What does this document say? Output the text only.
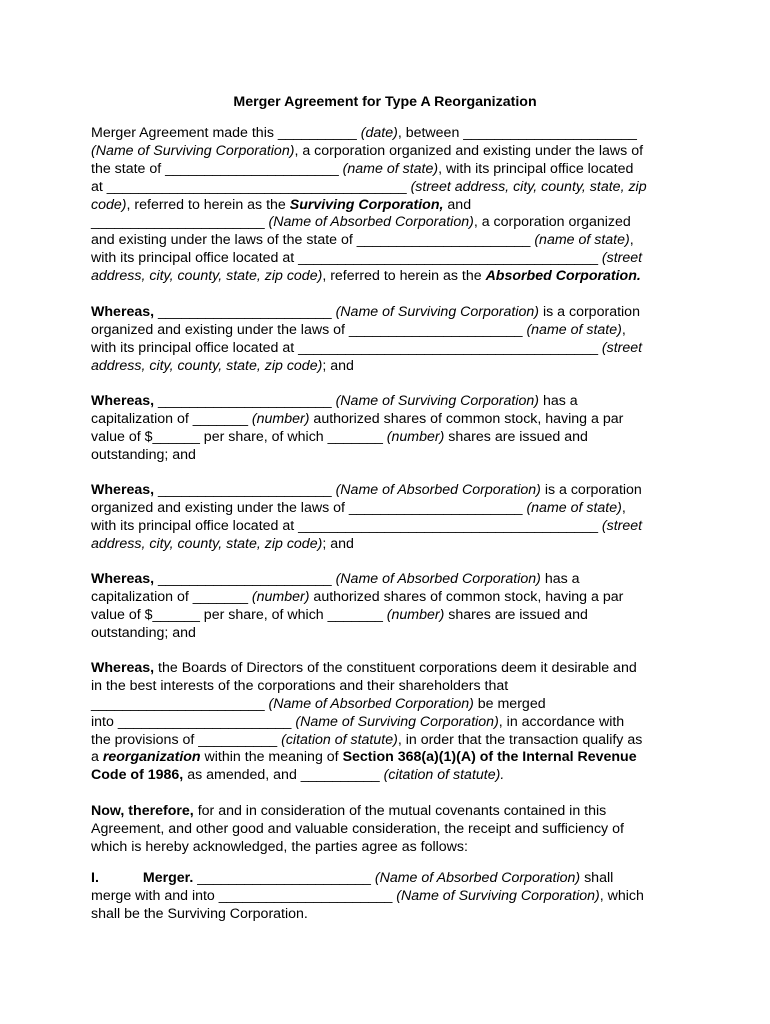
Merger Agreement for Type A Reorganization
Merger Agreement made this __________ (date), between ______________________
(Name of Surviving Corporation), a corporation organized and existing under the laws of
the state of ______________________ (name of state), with its principal office located
at ______________________________________ (street address, city, county, state, zip
code), referred to herein as the Surviving Corporation, and
______________________ (Name of Absorbed Corporation), a corporation organized
and existing under the laws of the state of ______________________ (name of state),
with its principal office located at ______________________________________ (street
address, city, county, state, zip code), referred to herein as the Absorbed Corporation.
Whereas, ______________________ (Name of Surviving Corporation) is a corporation
organized and existing under the laws of ______________________ (name of state),
with its principal office located at ______________________________________ (street
address, city, county, state, zip code); and
Whereas, ______________________ (Name of Surviving Corporation) has a
capitalization of _______ (number) authorized shares of common stock, having a par
value of $______ per share, of which _______ (number) shares are issued and
outstanding; and
Whereas, ______________________ (Name of Absorbed Corporation) is a corporation
organized and existing under the laws of ______________________ (name of state),
with its principal office located at ______________________________________ (street
address, city, county, state, zip code); and
Whereas, ______________________ (Name of Absorbed Corporation) has a
capitalization of _______ (number) authorized shares of common stock, having a par
value of $______ per share, of which _______ (number) shares are issued and
outstanding; and
Whereas, the Boards of Directors of the constituent corporations deem it desirable and
in the best interests of the corporations and their shareholders that
______________________ (Name of Absorbed Corporation) be merged
into ______________________ (Name of Surviving Corporation), in accordance with
the provisions of __________ (citation of statute), in order that the transaction qualify as
a reorganization within the meaning of Section 368(a)(1)(A) of the Internal Revenue
Code of 1986, as amended, and __________ (citation of statute).
Now, therefore, for and in consideration of the mutual covenants contained in this
Agreement, and other good and valuable consideration, the receipt and sufficiency of
which is hereby acknowledged, the parties agree as follows:
I.	Merger. ______________________ (Name of Absorbed Corporation) shall
merge with and into ______________________ (Name of Surviving Corporation), which
shall be the Surviving Corporation.
